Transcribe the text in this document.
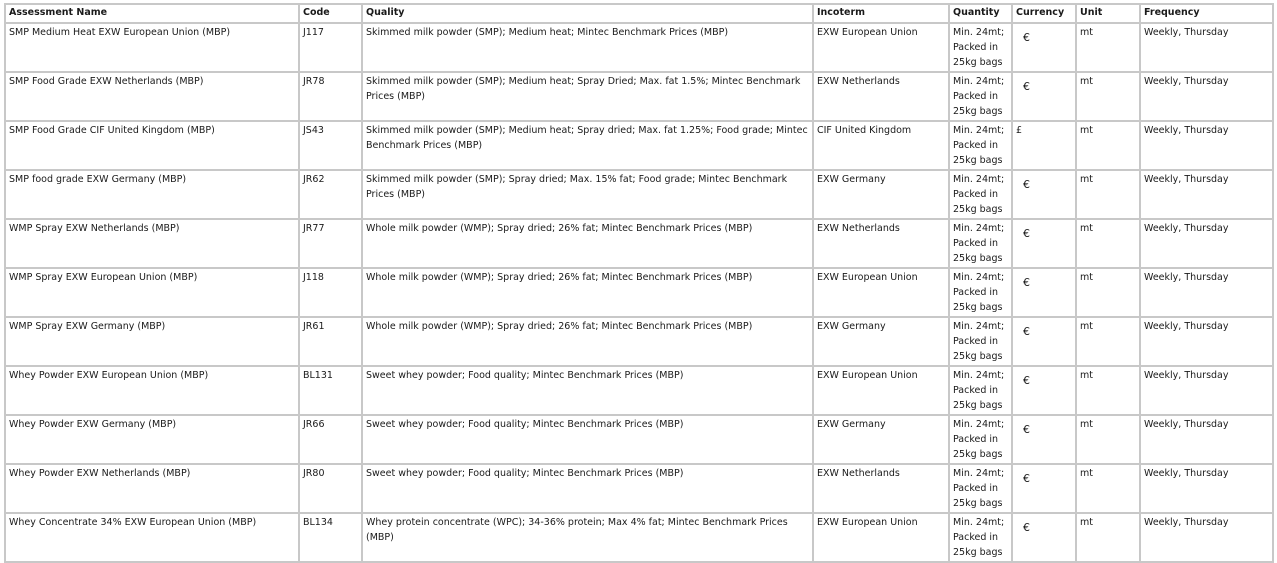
Assessment Name	Code	Quality	Incoterm	Quantity	Currency	Unit	Frequency
SMP Medium Heat EXW European Union (MBP)	J117	Skimmed milk powder (SMP); Medium heat; Mintec Benchmark Prices (MBP)	EXW European Union	Min. 24mt; Packed in 25kg bags	€	mt	Weekly, Thursday
SMP Food Grade EXW Netherlands (MBP)	JR78	Skimmed milk powder (SMP); Medium heat; Spray Dried; Max. fat 1.5%; Mintec Benchmark Prices (MBP)	EXW Netherlands	Min. 24mt; Packed in 25kg bags	€	mt	Weekly, Thursday
SMP Food Grade CIF United Kingdom (MBP)	JS43	Skimmed milk powder (SMP); Medium heat; Spray dried; Max. fat 1.25%; Food grade; Mintec Benchmark Prices (MBP)	CIF United Kingdom	Min. 24mt; Packed in 25kg bags	£	mt	Weekly, Thursday
SMP food grade EXW Germany (MBP)	JR62	Skimmed milk powder (SMP); Spray dried; Max. 15% fat; Food grade; Mintec Benchmark Prices (MBP)	EXW Germany	Min. 24mt; Packed in 25kg bags	€	mt	Weekly, Thursday
WMP Spray EXW Netherlands (MBP)	JR77	Whole milk powder (WMP); Spray dried; 26% fat; Mintec Benchmark Prices (MBP)	EXW Netherlands	Min. 24mt; Packed in 25kg bags	€	mt	Weekly, Thursday
WMP Spray EXW European Union (MBP)	J118	Whole milk powder (WMP); Spray dried; 26% fat; Mintec Benchmark Prices (MBP)	EXW European Union	Min. 24mt; Packed in 25kg bags	€	mt	Weekly, Thursday
WMP Spray EXW Germany (MBP)	JR61	Whole milk powder (WMP); Spray dried; 26% fat; Mintec Benchmark Prices (MBP)	EXW Germany	Min. 24mt; Packed in 25kg bags	€	mt	Weekly, Thursday
Whey Powder EXW European Union (MBP)	BL131	Sweet whey powder; Food quality; Mintec Benchmark Prices (MBP)	EXW European Union	Min. 24mt; Packed in 25kg bags	€	mt	Weekly, Thursday
Whey Powder EXW Germany (MBP)	JR66	Sweet whey powder; Food quality; Mintec Benchmark Prices (MBP)	EXW Germany	Min. 24mt; Packed in 25kg bags	€	mt	Weekly, Thursday
Whey Powder EXW Netherlands (MBP)	JR80	Sweet whey powder; Food quality; Mintec Benchmark Prices (MBP)	EXW Netherlands	Min. 24mt; Packed in 25kg bags	€	mt	Weekly, Thursday
Whey Concentrate 34% EXW European Union (MBP)	BL134	Whey protein concentrate (WPC); 34-36% protein; Max 4% fat; Mintec Benchmark Prices (MBP)	EXW European Union	Min. 24mt; Packed in 25kg bags	€	mt	Weekly, Thursday
